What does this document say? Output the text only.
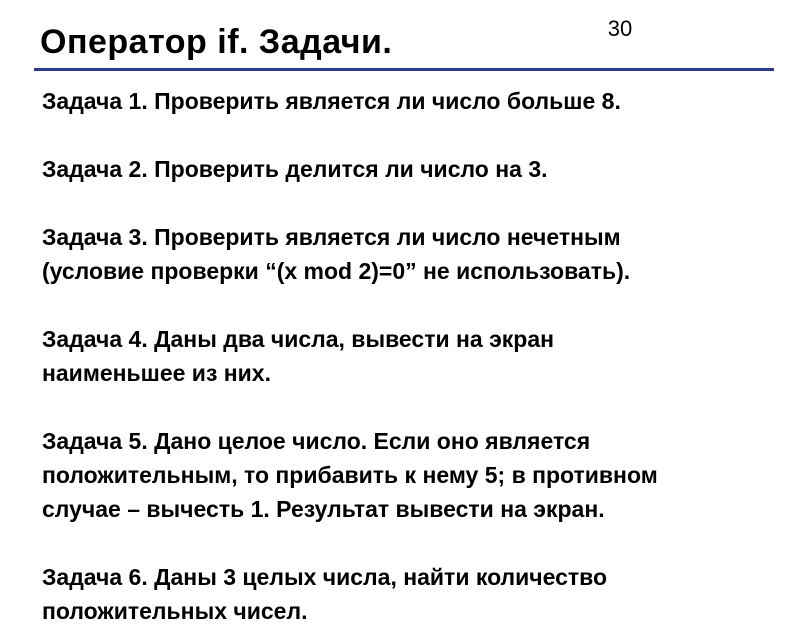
30
Оператор if. Задачи.
Задача 1. Проверить является ли число больше 8.
Задача 2. Проверить делится ли число на 3.
Задача 3. Проверить является ли число нечетным
(условие проверки “(x mod 2)=0” не использовать).
Задача 4. Даны два числа, вывести на экран
наименьшее из них.
Задача 5. Дано целое число. Если оно является
положительным, то прибавить к нему 5; в противном
случае – вычесть 1. Результат вывести на экран.
Задача 6. Даны 3 целых числа, найти количество
положительных чисел.
